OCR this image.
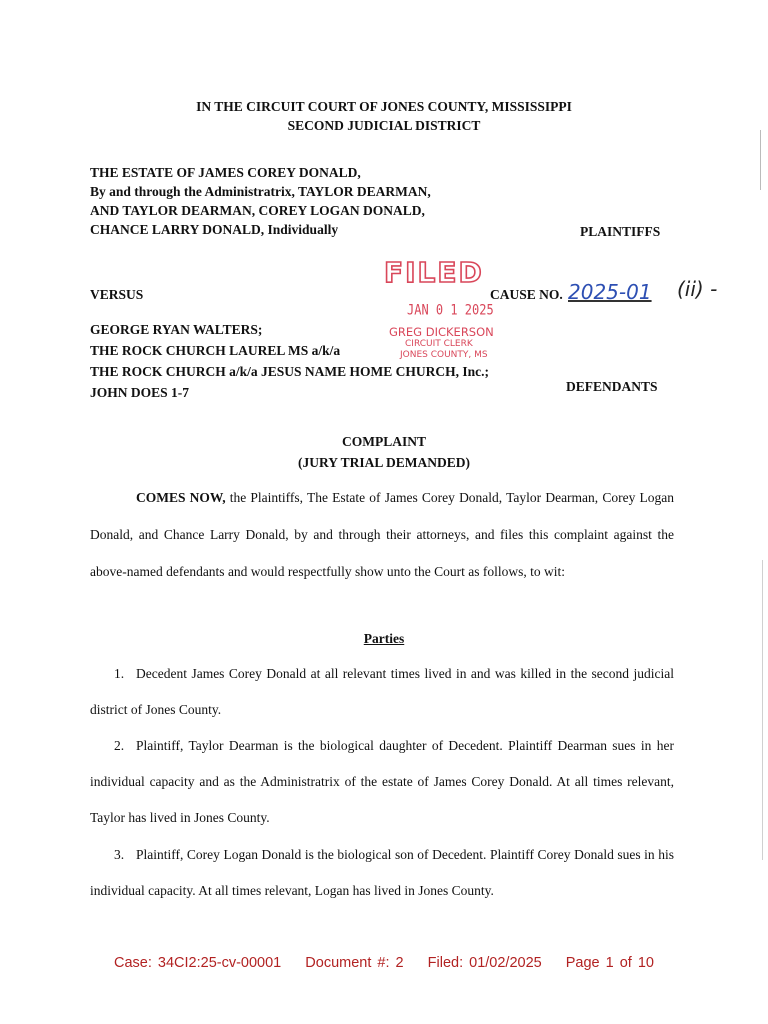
IN THE CIRCUIT COURT OF JONES COUNTY, MISSISSIPPI
SECOND JUDICIAL DISTRICT
THE ESTATE OF JAMES COREY DONALD,
By and through the Administratrix, TAYLOR DEARMAN,
AND TAYLOR DEARMAN, COREY LOGAN DONALD,
CHANCE LARRY DONALD, Individually	PLAINTIFFS
VERSUS
FILED
JAN 0 1 2025
GREG DICKERSON
CIRCUIT CLERK
JONES COUNTY, MS
CAUSE NO. 2025-01 (ii) -
GEORGE RYAN WALTERS;
THE ROCK CHURCH LAUREL MS a/k/a
THE ROCK CHURCH a/k/a JESUS NAME HOME CHURCH, Inc.;
JOHN DOES 1-7	DEFENDANTS
COMPLAINT
(JURY TRIAL DEMANDED)
COMES NOW, the Plaintiffs, The Estate of James Corey Donald, Taylor Dearman, Corey Logan Donald, and Chance Larry Donald, by and through their attorneys, and files this complaint against the above-named defendants and would respectfully show unto the Court as follows, to wit:
Parties
1. Decedent James Corey Donald at all relevant times lived in and was killed in the second judicial district of Jones County.
2. Plaintiff, Taylor Dearman is the biological daughter of Decedent. Plaintiff Dearman sues in her individual capacity and as the Administratrix of the estate of James Corey Donald. At all times relevant, Taylor has lived in Jones County.
3. Plaintiff, Corey Logan Donald is the biological son of Decedent. Plaintiff Corey Donald sues in his individual capacity. At all times relevant, Logan has lived in Jones County.
Case: 34CI2:25-cv-00001 Document #: 2 Filed: 01/02/2025 Page 1 of 10
